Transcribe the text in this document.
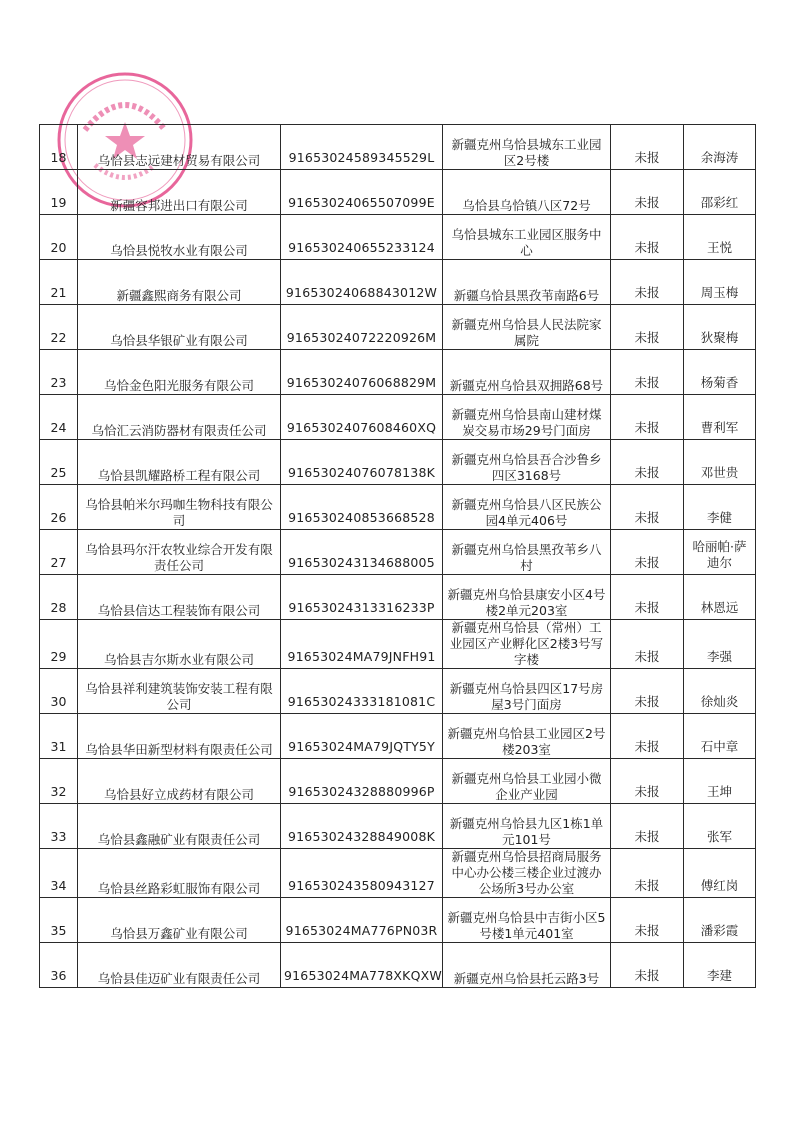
18	乌恰县志远建材贸易有限公司	91653024589345529L	新疆克州乌恰县城东工业园区2号楼	未报	余海涛
19	新疆容邦进出口有限公司	91653024065507099E	乌恰县乌恰镇八区72号	未报	邵彩红
20	乌恰县悦牧水业有限公司	91653024065523312​4	乌恰县城东工业园区服务中心	未报	王悦
21	新疆鑫熙商务有限公司	91653024068843012W	新疆乌恰县黑孜苇南路6号	未报	周玉梅
22	乌恰县华银矿业有限公司	91653024072220926M	新疆克州乌恰县人民法院家属院	未报	狄聚梅
23	乌恰金色阳光服务有限公司	91653024076068829M	新疆克州乌恰县双拥路68号	未报	杨菊香
24	乌恰汇云消防器材有限责任公司	9165302407608460XQ	新疆克州乌恰县南山建材煤炭交易市场29号门面房	未报	曹利军
25	乌恰县凯耀路桥工程有限公司	91653024076078138K	新疆克州乌恰县吾合沙鲁乡四区3168号	未报	邓世贵
26	乌恰县帕米尔玛咖生物科技有限公司	916530240853668528	新疆克州乌恰县八区民族公园4单元406号	未报	李健
27	乌恰县玛尔汗农牧业综合开发有限责任公司	916530243134688005	新疆克州乌恰县黑孜苇乡八村	未报	哈丽帕·萨迪尔
28	乌恰县信达工程装饰有限公司	91653024313316233P	新疆克州乌恰县康安小区4号楼2单元203室	未报	林恩远
29	乌恰县吉尔斯水业有限公司	91653024MA79JNFH91	新疆克州乌恰县（常州）工业园区产业孵化区2楼3号写字楼	未报	李强
30	乌恰县祥利建筑装饰安装工程有限公司	91653024333181081C	新疆克州乌恰县四区17号房屋3号门面房	未报	徐灿炎
31	乌恰县华田新型材料有限责任公司	91653024MA79JQTY5Y	新疆克州乌恰县工业园区2号楼203室	未报	石中章
32	乌恰县好立成药材有限公司	91653024328880996P	新疆克州乌恰县工业园小微企业产业园	未报	王坤
33	乌恰县鑫融矿业有限责任公司	91653024328849008K	新疆克州乌恰县九区1栋1单元101号	未报	张军
34	乌恰县丝路彩虹服饰有限公司	916530243580943127	新疆克州乌恰县招商局服务中心办公楼三楼企业过渡办公场所3号办公室	未报	傅红岗
35	乌恰县万鑫矿业有限公司	91653024MA776PN03R	新疆克州乌恰县中吉街小区5号楼1单元401室	未报	潘彩霞
36	乌恰县佳迈矿业有限责任公司	91653024MA778XKQXW	新疆克州乌恰县托云路3号	未报	李建
